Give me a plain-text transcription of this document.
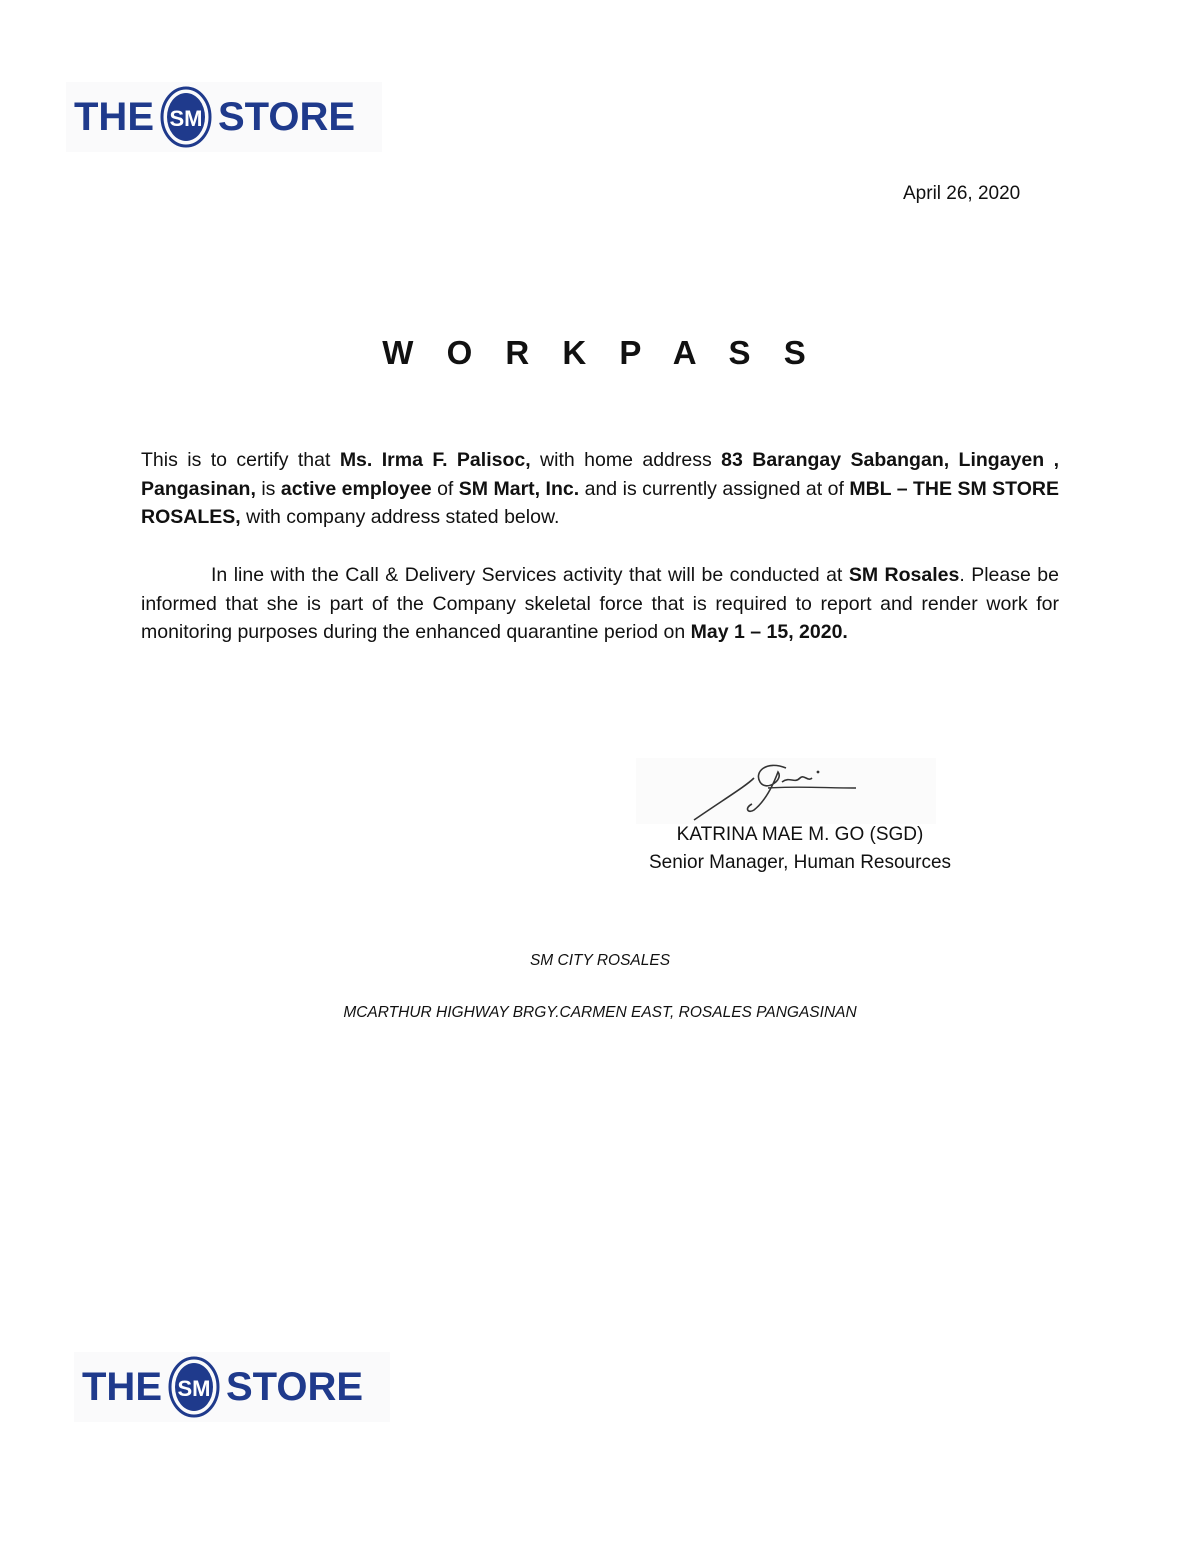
THE SM STORE
April 26, 2020
W O R K P A S S
This is to certify that Ms. Irma F. Palisoc, with home address 83 Barangay Sabangan, Lingayen , Pangasinan, is active employee of SM Mart, Inc. and is currently assigned at of MBL – THE SM STORE ROSALES, with company address stated below.
In line with the Call & Delivery Services activity that will be conducted at SM Rosales. Please be informed that she is part of the Company skeletal force that is required to report and render work for monitoring purposes during the enhanced quarantine period on May 1 – 15, 2020.
KATRINA MAE M. GO (SGD)
Senior Manager, Human Resources
SM CITY ROSALES
MCARTHUR HIGHWAY BRGY.CARMEN EAST, ROSALES PANGASINAN
THE SM STORE
